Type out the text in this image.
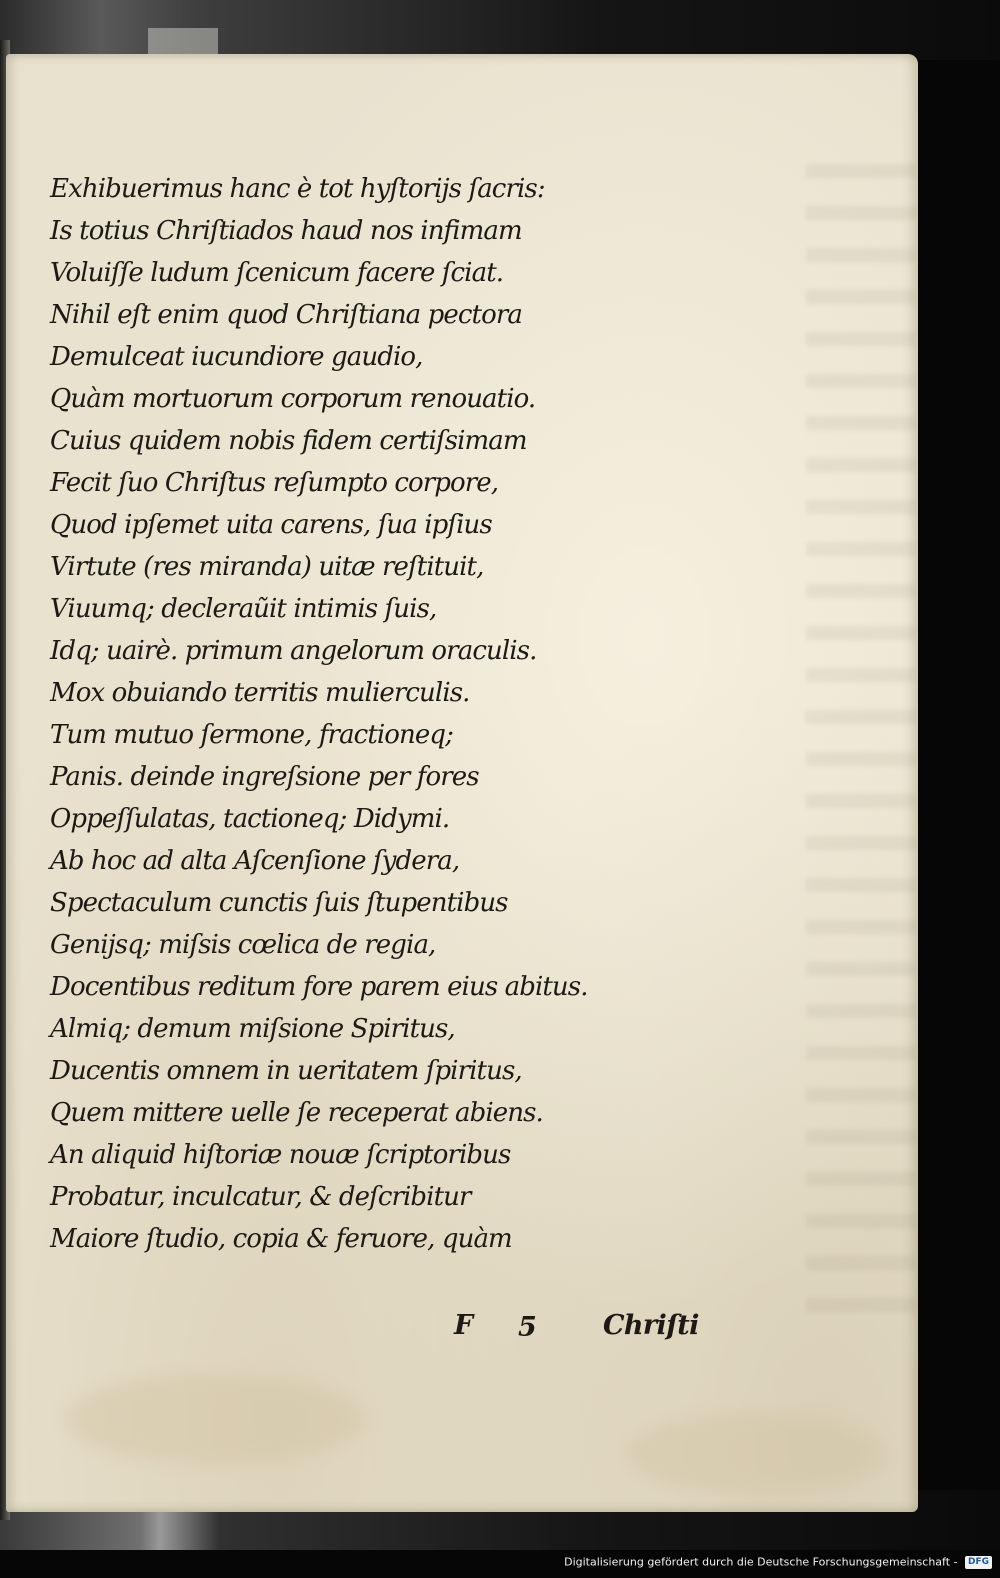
Exhibuerimus hanc è tot hyſtorijs ſacris:
Is totius Chriſtiados haud nos infimam
Voluiſſe ludum ſcenicum facere ſciat.
Nihil eſt enim quod Chriſtiana pectora
Demulceat iucundiore gaudio,
Quàm mortuorum corporum renouatio.
Cuius quidem nobis fidem certiſsimam
Fecit ſuo Chriſtus reſumpto corpore,
Quod ipſemet uita carens, ſua ipſius
Virtute (res miranda) uitæ reſtituit,
Viuumq; decleraũit intimis ſuis,
Idq; uairè. primum angelorum oraculis.
Mox obuiando territis mulierculis.
Tum mutuo ſermone, fractioneq;
Panis. deinde ingreſsione per fores
Oppeſſulatas, tactioneq; Didymi.
Ab hoc ad alta Aſcenſione ſydera,
Spectaculum cunctis ſuis ſtupentibus
Genijsq; miſsis cœlica de regia,
Docentibus reditum fore parem eius abitus.
Almiq; demum miſsione Spiritus,
Ducentis omnem in ueritatem ſpiritus,
Quem mittere uelle ſe receperat abiens.
An aliquid hiſtoriæ nouæ ſcriptoribus
Probatur, inculcatur, & deſcribitur
Maiore ſtudio, copia & feruore, quàm
F 5 Chriſti
Digitalisierung gefördert durch die Deutsche Forschungsgemeinschaft - DFG
